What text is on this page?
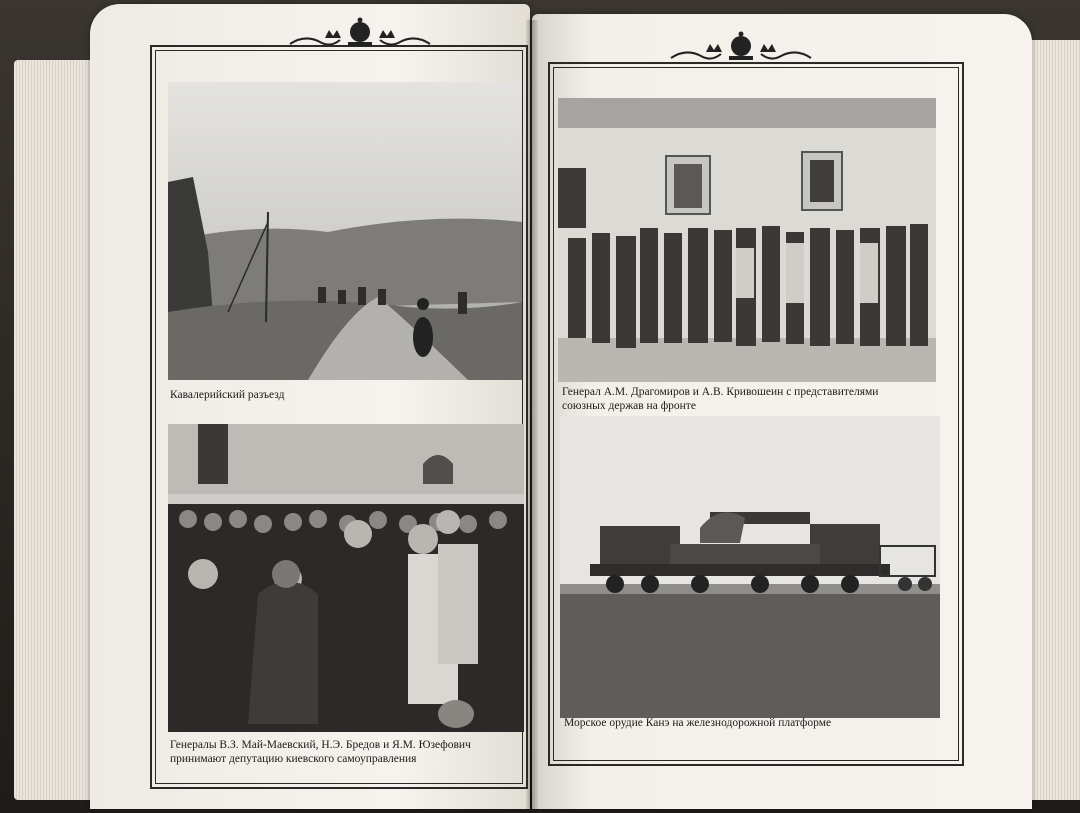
Кавалерийский разъезд	Генерал А.М. Драгомиров и А.В. Кривошеин с представителями
союзных держав на фронте
Генералы В.З. Май-Маевский, Н.Э. Бредов и Я.М. Юзефович
принимают депутацию киевского самоуправления
Морское орудие Канэ на железнодорожной платформе
